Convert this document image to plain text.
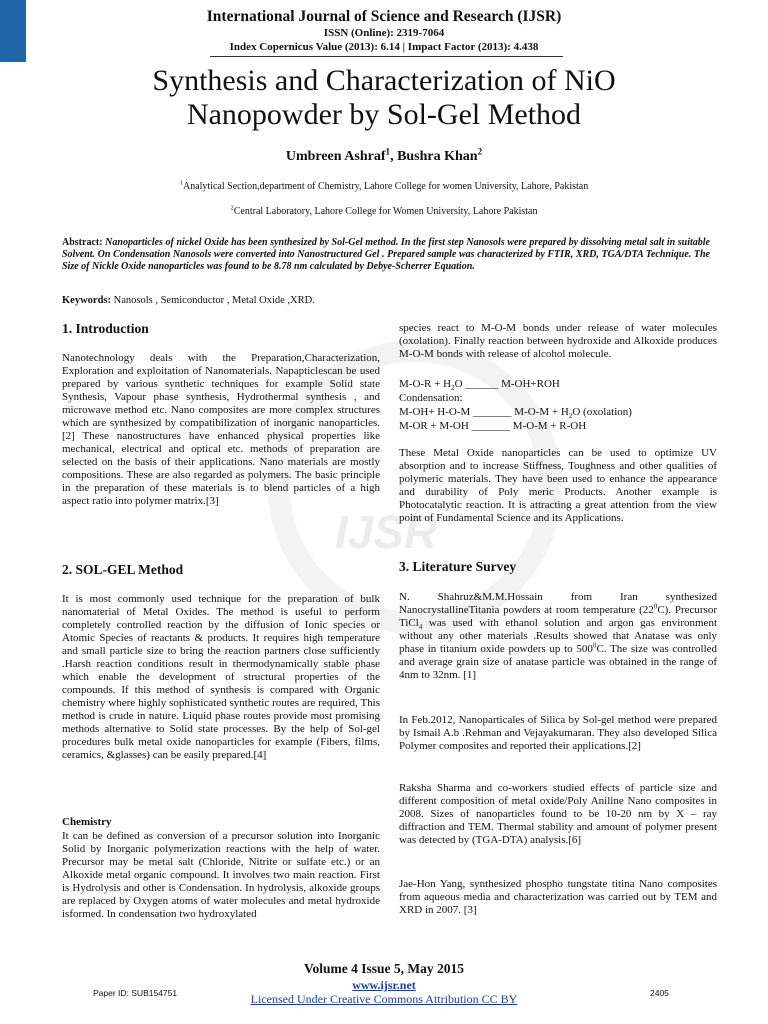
IJSR
International Journal of Science and Research (IJSR)
ISSN (Online): 2319-7064
Index Copernicus Value (2013): 6.14 | Impact Factor (2013): 4.438
Synthesis and Characterization of NiO
Nanopowder by Sol-Gel Method
Umbreen Ashraf$^1$, Bushra Khan$^2$
$^1$Analytical Section,department of Chemistry, Lahore College for women University, Lahore, Pakistan
$^2$Central Laboratory, Lahore College for Women University, Lahore Pakistan
Abstract: Nanoparticles of nickel Oxide has been synthesized by Sol-Gel method. In the first step Nanosols were prepared by dissolving metal salt in suitable Solvent. On Condensation Nanosols were converted into Nanostructured Gel . Prepared sample was characterized by FTIR, XRD, TGA/DTA Technique. The Size of Nickle Oxide nanoparticles was found to be 8.78 nm calculated by Debye-Scherrer Equation.
Keywords: Nanosols , Semiconductor , Metal Oxide ,XRD.
1. Introduction
Nanotechnology deals with the Preparation,Characterization, Exploration and exploitation of Nanomaterials. Napapticlescan be used prepared by various synthetic techniques for example Solid state Synthesis, Vapour phase synthesis, Hydrothermal synthesis , and microwave method etc. Nano composites are more complex structures which are synthesized by compatibilization of inorganic nanoparticles.[2] These nanostructures have enhanced physical properties like mechanical, electrical and optical etc. methods of preparation are selected on the basis of their applications. Nano materials are mostly compositions. These are also regarded as polymers. The basic principle in the preparation of these materials is to blend particles of a high aspect ratio into polymer matrix.[3]
2. SOL-GEL Method
It is most commonly used technique for the preparation of bulk nanomaterial of Metal Oxides. The method is useful to perform completely controlled reaction by the diffusion of Ionic species or Atomic Species of reactants & products. It requires high temperature and small particle size to bring the reaction partners close sufficiently .Harsh reaction conditions result in thermodynamically stable phase which enable the development of structural properties of the compounds. If this method of synthesis is compared with Organic chemistry where highly sophisticated synthetic routes are required, This method is crude in nature. Liquid phase routes provide most promising methods alternative to Solid state processes. By the help of Sol-gel procedures bulk metal oxide nanoparticles for example (Fibers, films, ceramics, &glasses) can be easily prepared.[4]
Chemistry
It can be defined as conversion of a precursor solution into Inorganic Solid by Inorganic polymerization reactions with the help of water. Precursor may be metal salt (Chloride, Nitrite or sulfate etc.) or an Alkoxide metal organic compound. It involves two main reaction. First is Hydrolysis and other is Condensation. In hydrolysis, alkoxide groups are replaced by Oxygen atoms of water molecules and metal hydroxide isformed. In condensation two hydroxylated
species react to M-O-M bonds under release of water molecules (oxolation). Finally reaction between hydroxide and Alkoxide produces M-O-M bonds with release of alcohol molecule.
$M-O-R + H_2O$ ______ M-OH+ROH
Condensation:
M-OH+ H-O-M _______ $M-O-M + H_2O$ (oxolation)
M-OR + M-OH _______ M-O-M + R-OH
These Metal Oxide nanoparticles can be used to optimize UV absorption and to increase Stiffness, Toughness and other qualities of polymeric materials. They have been used to enhance the appearance and durability of Poly meric Products. Another example is Photocatalytic reaction. It is attracting a great attention from the view point of Fundamental Science and its Applications.
3. Literature Survey
N. Shahruz&M.M.Hossain from Iran synthesized NanocrystallineTitania powders at room temperature $(22^0C)$. Precursor TiCl$_4$ was used with ethanol solution and argon gas environment without any other materials .Results showed that Anatase was only phase in titanium oxide powders up to $500^0C$. The size was controlled and average grain size of anatase particle was obtained in the range of 4nm to 32nm. [1]
In Feb.2012, Nanoparticales of Silica by Sol-gel method were prepared by Ismail A.b .Rehman and Vejayakumaran. They also developed Silica Polymer composites and reported their applications.[2]
Raksha Sharma and co-workers studied effects of particle size and different composition of metal oxide/Poly Aniline Nano composites in 2008. Sizes of nanoparticles found to be 10-20 nm by X – ray diffraction and TEM. Thermal stability and amount of polymer present was detected by (TGA-DTA) analysis.[6]
Jae-Hon Yang, synthesized phospho tungstate titina Nano composites from aqueous media and characterization was carried out by TEM and XRD in 2007. [3]
Volume 4 Issue 5, May 2015
www.ijsr.net
Licensed Under Creative Commons Attribution CC BY
Paper ID: SUB154751	2405
